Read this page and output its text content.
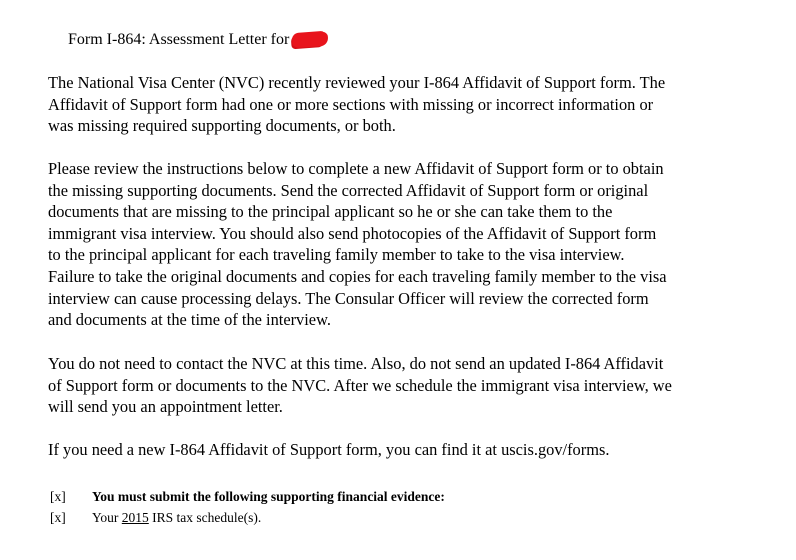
Form I-864: Assessment Letter for
The National Visa Center (NVC) recently reviewed your I-864 Affidavit of Support form. The
Affidavit of Support form had one or more sections with missing or incorrect information or
was missing required supporting documents, or both.
Please review the instructions below to complete a new Affidavit of Support form or to obtain
the missing supporting documents. Send the corrected Affidavit of Support form or original
documents that are missing to the principal applicant so he or she can take them to the
immigrant visa interview. You should also send photocopies of the Affidavit of Support form
to the principal applicant for each traveling family member to take to the visa interview.
Failure to take the original documents and copies for each traveling family member to the visa
interview can cause processing delays. The Consular Officer will review the corrected form
and documents at the time of the interview.
You do not need to contact the NVC at this time. Also, do not send an updated I-864 Affidavit
of Support form or documents to the NVC. After we schedule the immigrant visa interview, we
will send you an appointment letter.
If you need a new I-864 Affidavit of Support form, you can find it at uscis.gov/forms.
[x]	You must submit the following supporting financial evidence:
[x]	Your 2015 IRS tax schedule(s).
